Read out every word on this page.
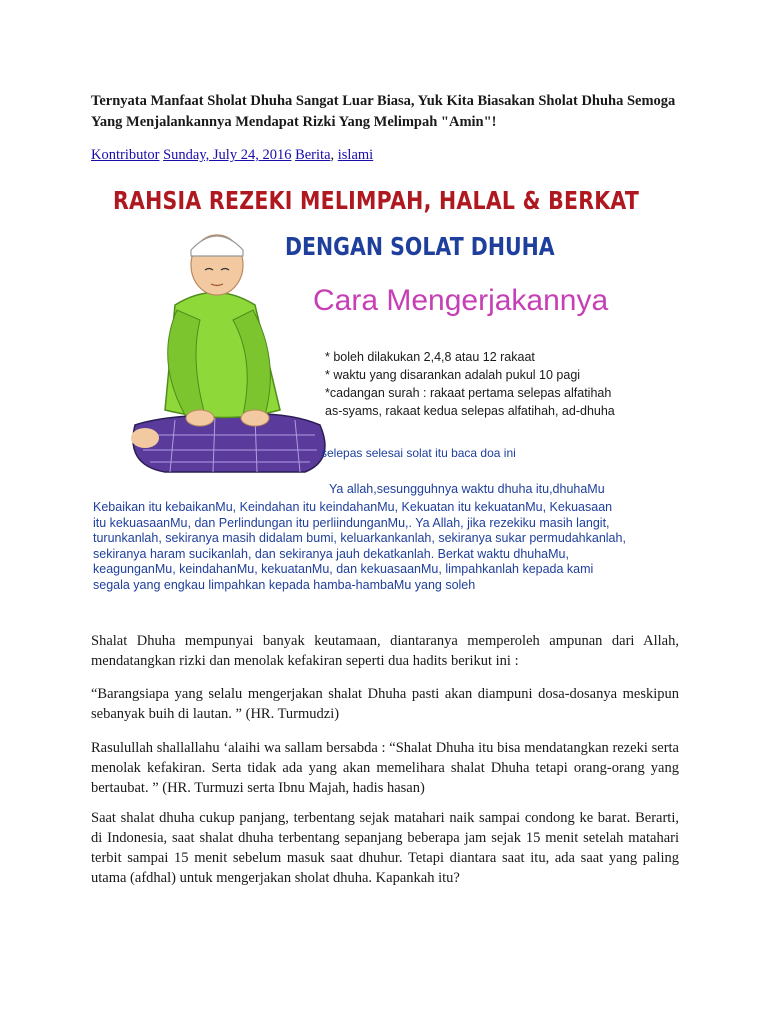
Ternyata Manfaat Sholat Dhuha Sangat Luar Biasa, Yuk Kita Biasakan Sholat Dhuha Semoga Yang Menjalankannya Mendapat Rizki Yang Melimpah "Amin"!
Kontributor Sunday, July 24, 2016 Berita, islami
RAHSIA REZEKI MELIMPAH, HALAL & BERKAT
DENGAN SOLAT DHUHA
Cara Mengerjakannya
* boleh dilakukan 2,4,8 atau 12 rakaat
* waktu yang disarankan adalah pukul 10 pagi
*cadangan surah : rakaat pertama selepas alfatihah
as-syams, rakaat kedua selepas alfatihah, ad-dhuha
selepas selesai solat itu baca doa ini
Ya allah,sesungguhnya waktu dhuha itu,dhuhaMu
Kebaikan itu kebaikanMu, Keindahan itu keindahanMu, Kekuatan itu kekuatanMu, Kekuasaan
itu kekuasaanMu, dan Perlindungan itu perliindunganMu,. Ya Allah, jika rezekiku masih langit,
turunkanlah, sekiranya masih didalam bumi, keluarkankanlah, sekiranya sukar permudahkanlah,
sekiranya haram sucikanlah, dan sekiranya jauh dekatkanlah. Berkat waktu dhuhaMu,
keagunganMu, keindahanMu, kekuatanMu, dan kekuasaanMu, limpahkanlah kepada kami
segala yang engkau limpahkan kepada hamba-hambaMu yang soleh
Shalat Dhuha mempunyai banyak keutamaan, diantaranya memperoleh ampunan dari Allah, mendatangkan rizki dan menolak kefakiran seperti dua hadits berikut ini :
“Barangsiapa yang selalu mengerjakan shalat Dhuha pasti akan diampuni dosa-dosanya meskipun sebanyak buih di lautan. ” (HR. Turmudzi)
Rasulullah shallallahu ‘alaihi wa sallam bersabda : “Shalat Dhuha itu bisa mendatangkan rezeki serta menolak kefakiran. Serta tidak ada yang akan memelihara shalat Dhuha tetapi orang-orang yang bertaubat. ” (HR. Turmuzi serta Ibnu Majah, hadis hasan)
Saat shalat dhuha cukup panjang, terbentang sejak matahari naik sampai condong ke barat. Berarti, di Indonesia, saat shalat dhuha terbentang sepanjang beberapa jam sejak 15 menit setelah matahari terbit sampai 15 menit sebelum masuk saat dhuhur. Tetapi diantara saat itu, ada saat yang paling utama (afdhal) untuk mengerjakan sholat dhuha. Kapankah itu?
